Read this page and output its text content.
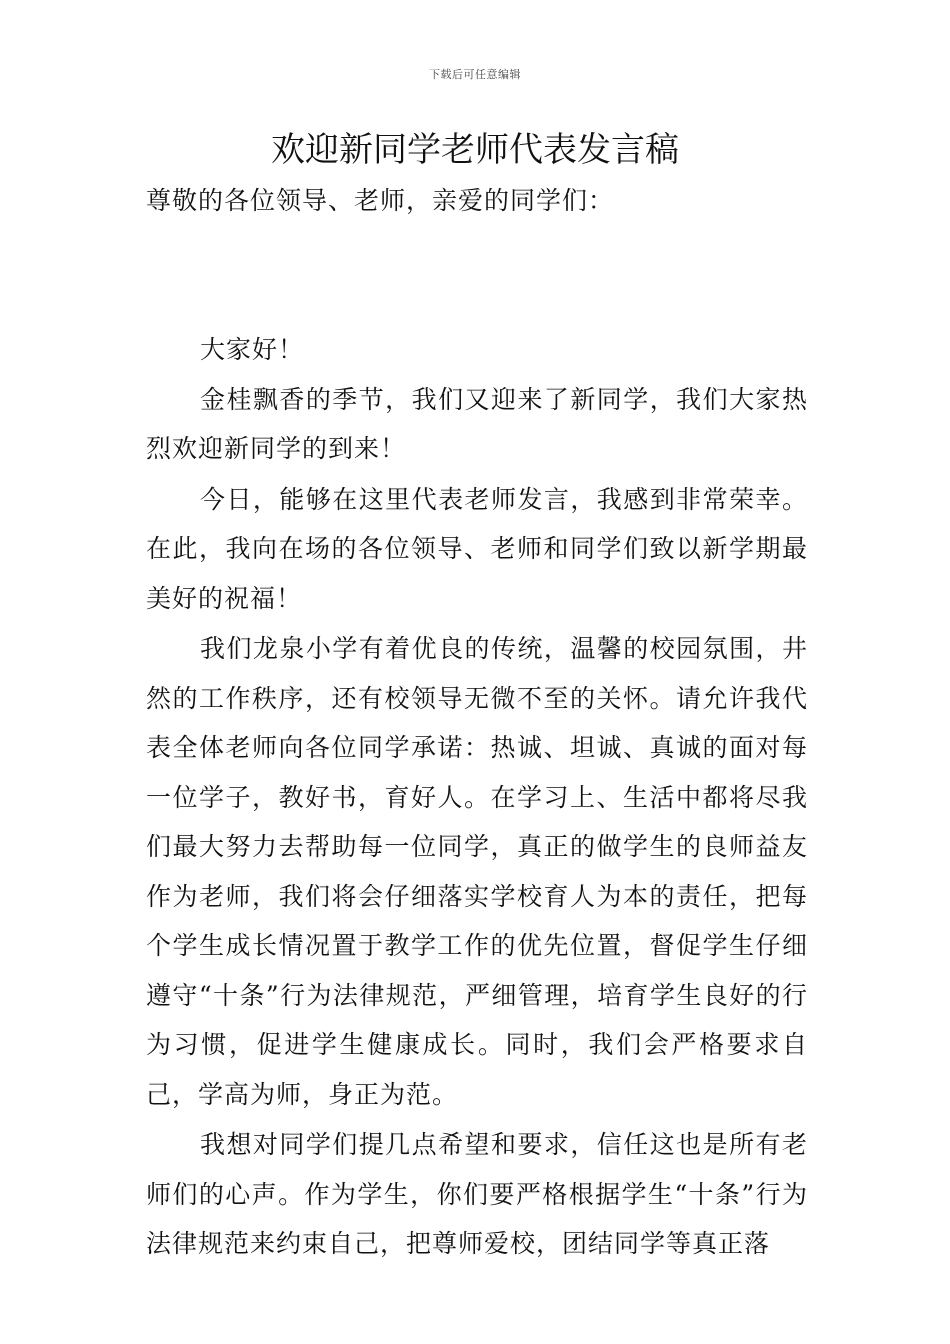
下载后可任意编辑
欢迎新同学老师代表发言稿

尊敬的各位领导、老师，亲爱的同学们：

大家好！

金桂飘香的季节，我们又迎来了新同学，我们大家热烈欢迎新同学的到来！

今日，能够在这里代表老师发言，我感到非常荣幸。在此，我向在场的各位领导、老师和同学们致以新学期最美好的祝福！

我们龙泉小学有着优良的传统，温馨的校园氛围，井然的工作秩序，还有校领导无微不至的关怀。请允许我代表全体老师向各位同学承诺：热诚、坦诚、真诚的面对每一位学子，教好书，育好人。在学习上、生活中都将尽我们最大努力去帮助每一位同学，真正的做学生的良师益友作为老师，我们将会仔细落实学校育人为本的责任，把每个学生成长情况置于教学工作的优先位置，督促学生仔细遵守“十条”行为法律规范，严细管理，培育学生良好的行为习惯，促进学生健康成长。同时，我们会严格要求自己，学高为师，身正为范。

我想对同学们提几点希望和要求，信任这也是所有老师们的心声。作为学生，你们要严格根据学生“十条”行为法律规范来约束自己，把尊师爱校，团结同学等真正落
